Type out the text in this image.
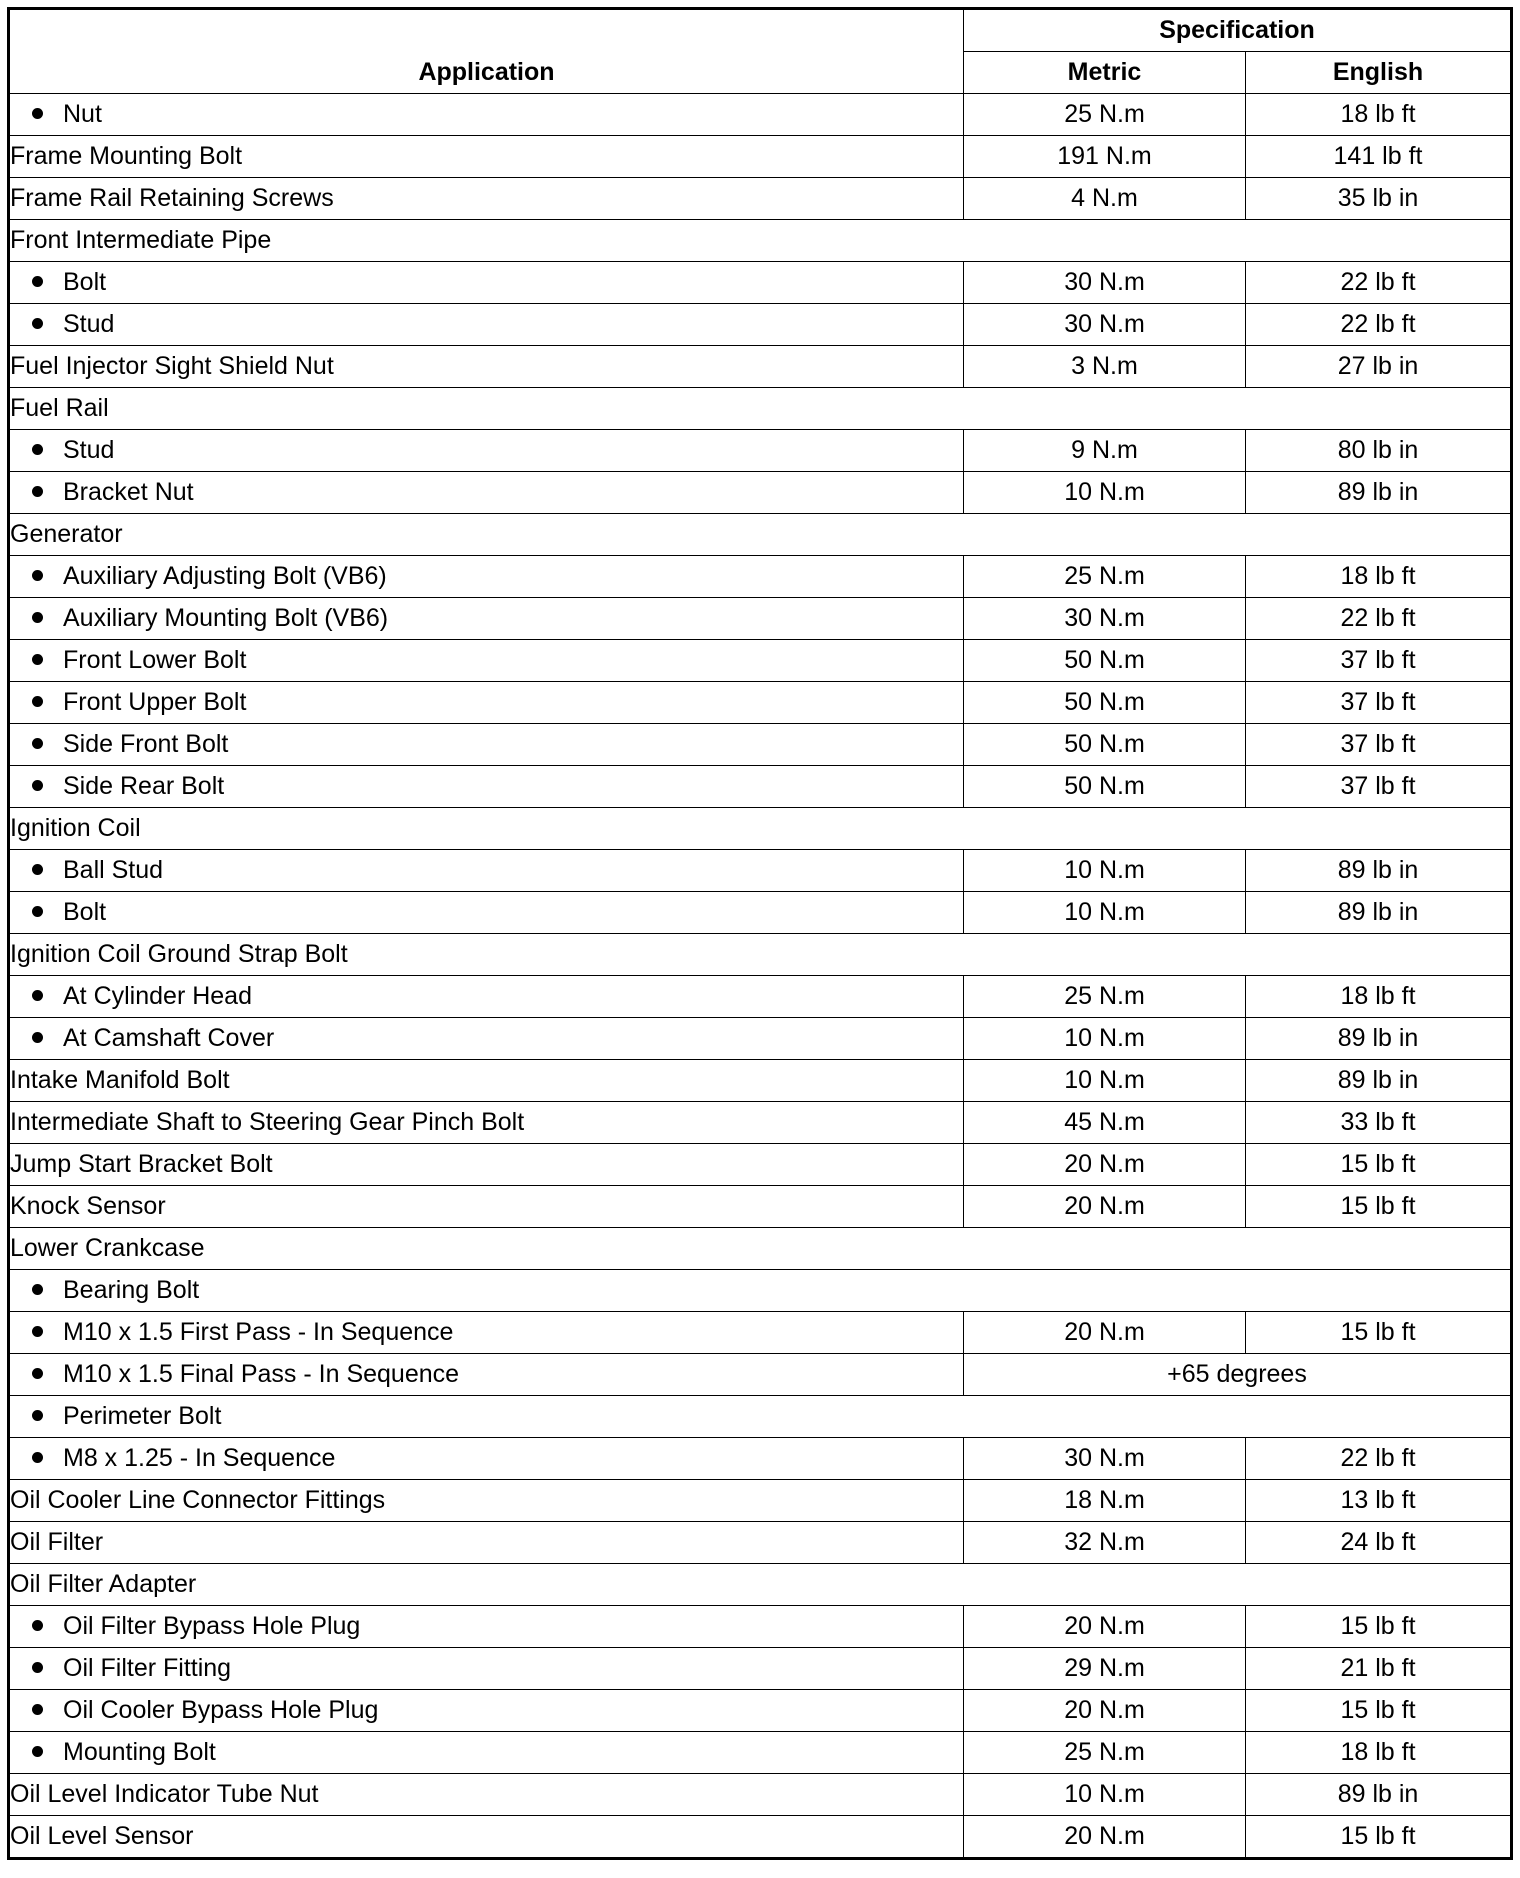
Application	Specification	
	Metric	English
Nut	25 N.m	18 lb ft
Frame Mounting Bolt	191 N.m	141 lb ft
Frame Rail Retaining Screws	4 N.m	35 lb in
Front Intermediate Pipe		
Bolt	30 N.m	22 lb ft
Stud	30 N.m	22 lb ft
Fuel Injector Sight Shield Nut	3 N.m	27 lb in
Fuel Rail		
Stud	9 N.m	80 lb in
Bracket Nut	10 N.m	89 lb in
Generator		
Auxiliary Adjusting Bolt (VB6)	25 N.m	18 lb ft
Auxiliary Mounting Bolt (VB6)	30 N.m	22 lb ft
Front Lower Bolt	50 N.m	37 lb ft
Front Upper Bolt	50 N.m	37 lb ft
Side Front Bolt	50 N.m	37 lb ft
Side Rear Bolt	50 N.m	37 lb ft
Ignition Coil		
Ball Stud	10 N.m	89 lb in
Bolt	10 N.m	89 lb in
Ignition Coil Ground Strap Bolt		
At Cylinder Head	25 N.m	18 lb ft
At Camshaft Cover	10 N.m	89 lb in
Intake Manifold Bolt	10 N.m	89 lb in
Intermediate Shaft to Steering Gear Pinch Bolt	45 N.m	33 lb ft
Jump Start Bracket Bolt	20 N.m	15 lb ft
Knock Sensor	20 N.m	15 lb ft
Lower Crankcase		
Bearing Bolt		
M10 x 1.5 First Pass - In Sequence	20 N.m	15 lb ft
M10 x 1.5 Final Pass - In Sequence	+65 degrees	
Perimeter Bolt		
M8 x 1.25 - In Sequence	30 N.m	22 lb ft
Oil Cooler Line Connector Fittings	18 N.m	13 lb ft
Oil Filter	32 N.m	24 lb ft
Oil Filter Adapter		
Oil Filter Bypass Hole Plug	20 N.m	15 lb ft
Oil Filter Fitting	29 N.m	21 lb ft
Oil Cooler Bypass Hole Plug	20 N.m	15 lb ft
Mounting Bolt	25 N.m	18 lb ft
Oil Level Indicator Tube Nut	10 N.m	89 lb in
Oil Level Sensor	20 N.m	15 lb ft
